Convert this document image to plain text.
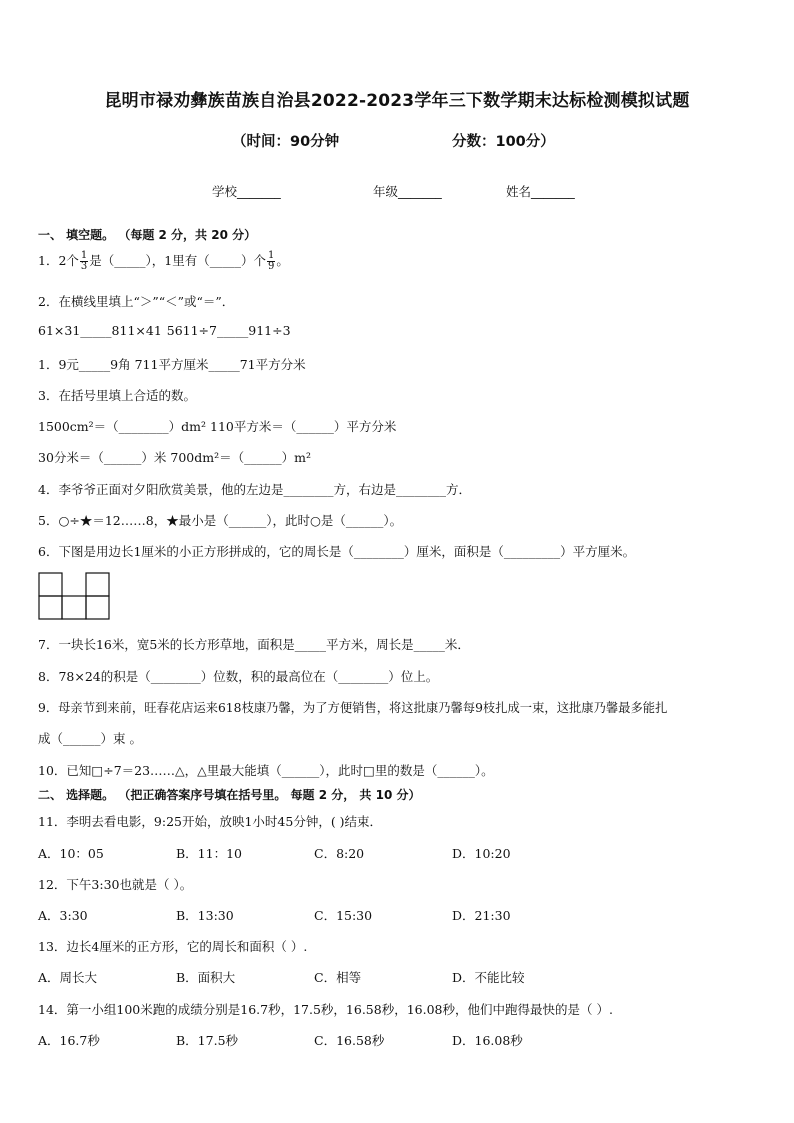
昆明市禄劝彝族苗族自治县2022-2023学年三下数学期末达标检测模拟试题
（时间：90分钟	分数：100分）
学校_______	年级_______	姓名_______
一、 填空题。 （每题 2 分，共 20 分）
1．2个 $\frac{1}{3}$ 是（_____），1里有（_____）个 $\frac{1}{9}$ 。
2．在横线里填上“＞”“＜”或“＝”．
61×31_____811×41 5611÷7_____911÷3
1．9元_____9角 711平方厘米_____71平方分米
3．在括号里填上合适的数。
1500cm²＝（________）dm² 110平方米＝（______）平方分米
30分米＝（______）米 700dm²＝（______）m²
4．李爷爷正面对夕阳欣赏美景，他的左边是________方，右边是________方．
5．○÷★＝12……8，★最小是（______），此时○是（______）。
6．下图是用边长1厘米的小正方形拼成的，它的周长是（________）厘米，面积是（_________）平方厘米。
7．一块长16米，宽5米的长方形草地，面积是_____平方米，周长是_____米．
8．78×24的积是（________）位数，积的最高位在（________）位上。
9．母亲节到来前，旺春花店运来618枝康乃馨，为了方便销售，将这批康乃馨每9枝扎成一束，这批康乃馨最多能扎
成（______）束 。
10．已知□÷7＝23……△，△里最大能填（______），此时□里的数是（______）。
二、 选择题。 （把正确答案序号填在括号里。 每题 2 分， 共 10 分）
11．李明去看电影，9:25开始，放映1小时45分钟，( )结束．
A．10：05	B．11：10	C．8:20	D．10:20
12．下午3:30也就是（ ）。
A．3:30	B．13:30	C．15:30	D．21:30
13．边长4厘米的正方形，它的周长和面积（ ）.
A．周长大	B．面积大	C．相等	D．不能比较
14．第一小组100米跑的成绩分别是16.7秒，17.5秒，16.58秒，16.08秒，他们中跑得最快的是（ ）.
A．16.7秒	B．17.5秒	C．16.58秒	D．16.08秒
